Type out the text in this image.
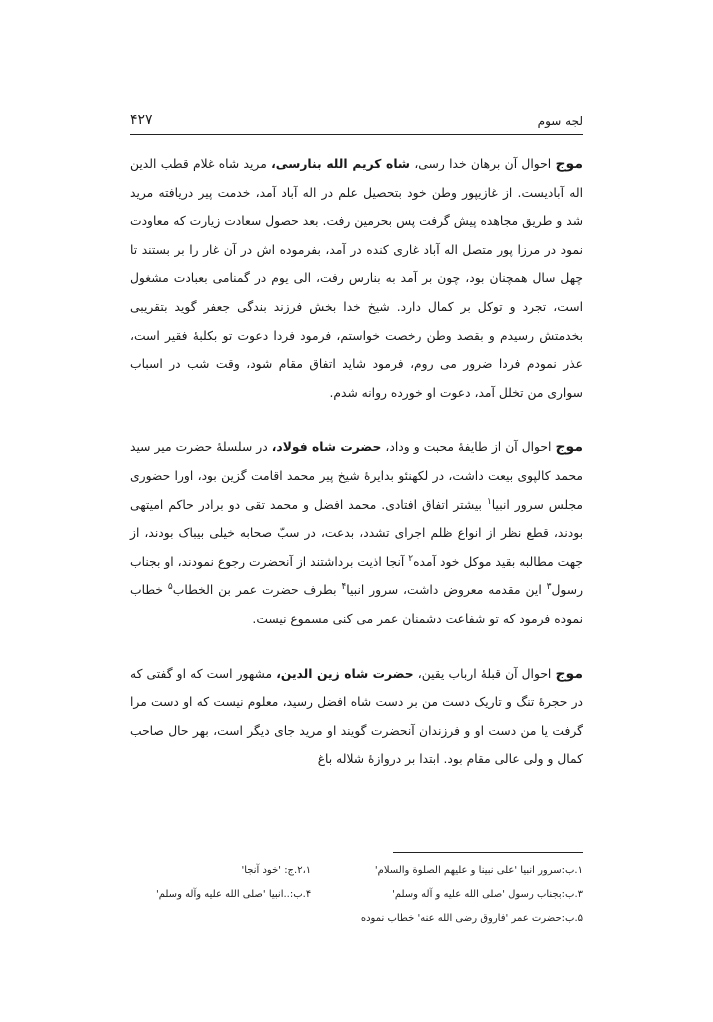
لجه سوم
۴۲۷

موج احوال آن برهان خدا رسی، شاه کریم الله بنارسی، مرید شاه غلام قطب الدین اله آبادیست. از غازیپور وطن خود بتحصیل علم در اله آباد آمد، خدمت پیر دریافته مرید شد و طریق مجاهده پیش گرفت پس بحرمین رفت. بعد حصول سعادت زیارت که معاودت نمود در مرزا پور متصل اله آباد غاری کنده در آمد، بفرموده اش در آن غار را بر بستند تا چهل سال همچنان بود، چون بر آمد به بنارس رفت، الی یوم در گمنامی بعبادت مشغول است، تجرد و توکل بر کمال دارد. شیخ خدا بخش فرزند بندگی جعفر گوید بتقریبی بخدمتش رسیدم و بقصد وطن رخصت خواستم، فرمود فردا دعوت تو بکلبهٔ فقیر است، عذر نمودم فردا ضرور می روم، فرمود شاید اتفاق مقام شود، وقت شب در اسباب سواری من تخلل آمد، دعوت او خورده روانه شدم.

موج احوال آن از طایفهٔ محبت و وداد، حضرت شاه فولاد، در سلسلهٔ حضرت میر سید محمد کالپوی بیعت داشت، در لکهنئو بدایرهٔ شیخ پیر محمد اقامت گزین بود، اورا حضوری مجلس سرور انبیا$^۱$ بیشتر اتفاق افتادی. محمد افضل و محمد تقی دو برادر حاکم امیتهی بودند، قطع نظر از انواع ظلم اجرای تشدد، بدعت، در سبّ صحابه خیلی بیباک بودند، از جهت مطالبه بقید موکل خود آمده$^۲$ آنجا اذیت برداشتند از آنحضرت رجوع نمودند، او بجناب رسول$^۳$ این مقدمه معروض داشت، سرور انبیا$^۴$ بطرف حضرت عمر بن الخطاب$^۵$ خطاب نموده فرمود که تو شفاعت دشمنان عمر می کنی مسموع نیست.

موج احوال آن قبلهٔ ارباب یقین، حضرت شاه زین الدین، مشهور است که او گفتی که در حجرهٔ تنگ و تاریک دست من بر دست شاه افضل رسید، معلوم نیست که او دست مرا گرفت یا من دست او و فرزندان آنحضرت گویند او مرید جای دیگر است، بهر حال صاحب کمال و ولی عالی مقام بود. ابتدا بر دروازهٔ شلاله باغ

۱.ب:سرور انبیا 'علی نبینا و علیهم الصلوة والسلام'
۲،۱.ج: 'خود آنجا'
۳.ب:بجناب رسول 'صلی الله علیه و آله وسلم'
۴.ب:..انبیا 'صلی الله علیه وآله وسلم'
۵.ب:حضرت عمر 'فاروق رضی الله عنه' خطاب نموده
